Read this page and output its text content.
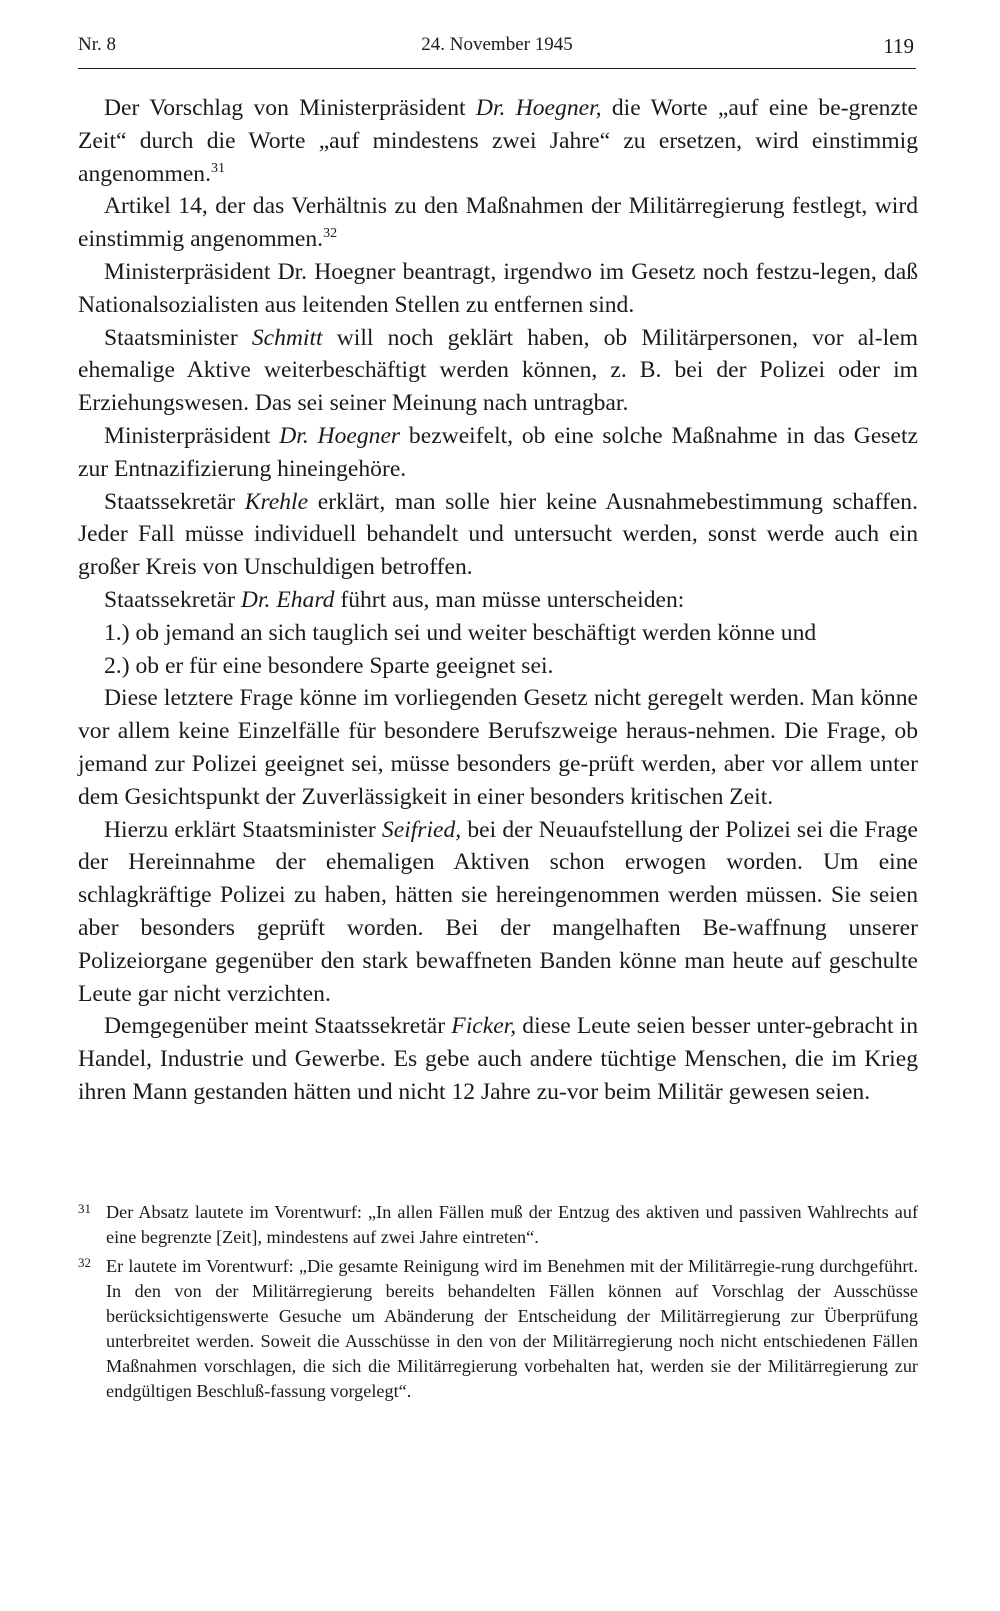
Nr. 8	24. November 1945	119

Der Vorschlag von Ministerpräsident Dr. Hoegner, die Worte „auf eine be-grenzte Zeit“ durch die Worte „auf mindestens zwei Jahre“ zu ersetzen, wird einstimmig angenommen.$^{31}$

Artikel 14, der das Verhältnis zu den Maßnahmen der Militärregierung festlegt, wird einstimmig angenommen.$^{32}$

Ministerpräsident Dr. Hoegner beantragt, irgendwo im Gesetz noch festzu-legen, daß Nationalsozialisten aus leitenden Stellen zu entfernen sind.

Staatsminister Schmitt will noch geklärt haben, ob Militärpersonen, vor al-lem ehemalige Aktive weiterbeschäftigt werden können, z. B. bei der Polizei oder im Erziehungswesen. Das sei seiner Meinung nach untragbar.

Ministerpräsident Dr. Hoegner bezweifelt, ob eine solche Maßnahme in das Gesetz zur Entnazifizierung hineingehöre.

Staatssekretär Krehle erklärt, man solle hier keine Ausnahmebestimmung schaffen. Jeder Fall müsse individuell behandelt und untersucht werden, sonst werde auch ein großer Kreis von Unschuldigen betroffen.

Staatssekretär Dr. Ehard führt aus, man müsse unterscheiden:

1.) ob jemand an sich tauglich sei und weiter beschäftigt werden könne und

2.) ob er für eine besondere Sparte geeignet sei.

Diese letztere Frage könne im vorliegenden Gesetz nicht geregelt werden. Man könne vor allem keine Einzelfälle für besondere Berufszweige heraus-nehmen. Die Frage, ob jemand zur Polizei geeignet sei, müsse besonders ge-prüft werden, aber vor allem unter dem Gesichtspunkt der Zuverlässigkeit in einer besonders kritischen Zeit.

Hierzu erklärt Staatsminister Seifried, bei der Neuaufstellung der Polizei sei die Frage der Hereinnahme der ehemaligen Aktiven schon erwogen worden. Um eine schlagkräftige Polizei zu haben, hätten sie hereingenommen werden müssen. Sie seien aber besonders geprüft worden. Bei der mangelhaften Be-waffnung unserer Polizeiorgane gegenüber den stark bewaffneten Banden könne man heute auf geschulte Leute gar nicht verzichten.

Demgegenüber meint Staatssekretär Ficker, diese Leute seien besser unter-gebracht in Handel, Industrie und Gewerbe. Es gebe auch andere tüchtige Menschen, die im Krieg ihren Mann gestanden hätten und nicht 12 Jahre zu-vor beim Militär gewesen seien.

31 Der Absatz lautete im Vorentwurf: „In allen Fällen muß der Entzug des aktiven und passiven Wahlrechts auf eine begrenzte [Zeit], mindestens auf zwei Jahre eintreten“.
32 Er lautete im Vorentwurf: „Die gesamte Reinigung wird im Benehmen mit der Militärregie-rung durchgeführt. In den von der Militärregierung bereits behandelten Fällen können auf Vorschlag der Ausschüsse berücksichtigenswerte Gesuche um Abänderung der Entscheidung der Militärregierung zur Überprüfung unterbreitet werden. Soweit die Ausschüsse in den von der Militärregierung noch nicht entschiedenen Fällen Maßnahmen vorschlagen, die sich die Militärregierung vorbehalten hat, werden sie der Militärregierung zur endgültigen Beschluß-fassung vorgelegt“.
